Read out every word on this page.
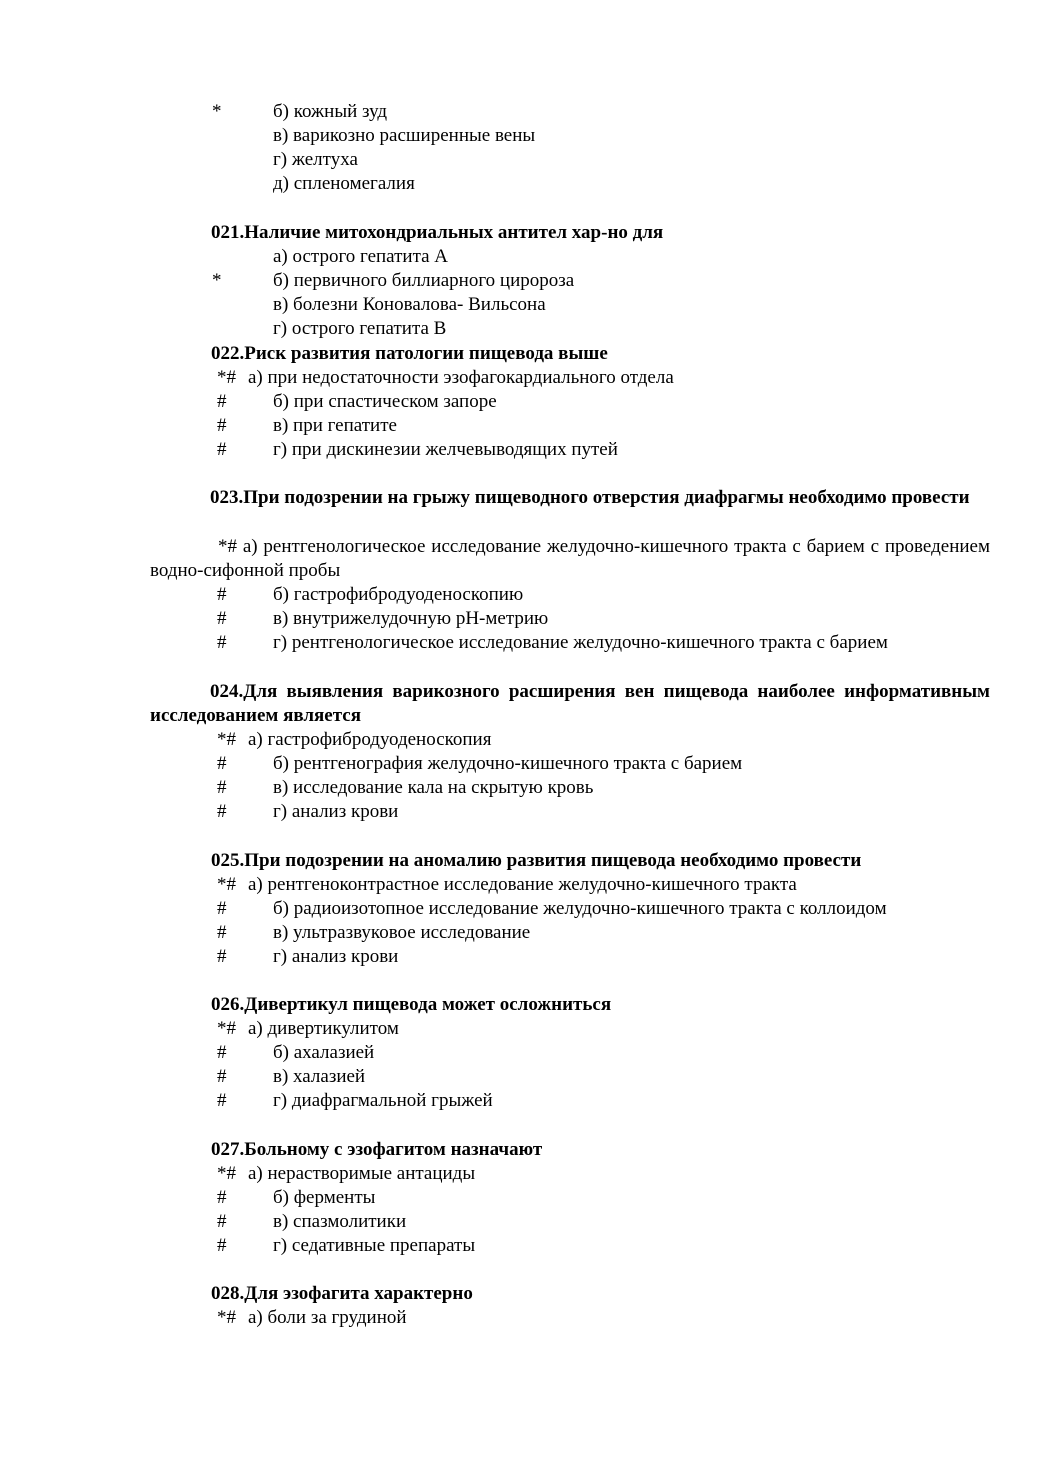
*	б) кожный зуд
в) варикозно расширенные вены
г) желтуха
д) спленомегалия
021.Наличие митохондриальных антител хар-но для
а) острого гепатита А
*	б) первичного биллиарного циророза
в) болезни Коновалова- Вильсона
г) острого гепатита В
022.Риск развития патологии пищевода выше
*# а) при недостаточности эзофагокардиального отдела
# б) при спастическом запоре
# в) при гепатите
# г) при дискинезии желчевыводящих путей
023.При подозрении на грыжу пищеводного отверстия диафрагмы необходимо провести
*# а) рентгенологическое исследование желудочно-кишечного тракта с барием с проведением водно-сифонной пробы
# б) гастрофибродуоденоскопию
# в) внутрижелудочную рН-метрию
# г) рентгенологическое исследование желудочно-кишечного тракта с барием
024.Для выявления варикозного расширения вен пищевода наиболее информативным исследованием является
*# а) гастрофибродуоденоскопия
# б) рентгенография желудочно-кишечного тракта с барием
# в) исследование кала на скрытую кровь
# г) анализ крови
025.При подозрении на аномалию развития пищевода необходимо провести
*# а) рентгеноконтрастное исследование желудочно-кишечного тракта
# б) радиоизотопное исследование желудочно-кишечного тракта с коллоидом
# в) ультразвуковое исследование
# г) анализ крови
026.Дивертикул пищевода может осложниться
*# а) дивертикулитом
# б) ахалазией
# в) халазией
# г) диафрагмальной грыжей
027.Больному с эзофагитом назначают
*# а) нерастворимые антациды
# б) ферменты
# в) спазмолитики
# г) седативные препараты
028.Для эзофагита характерно
*# а) боли за грудиной
